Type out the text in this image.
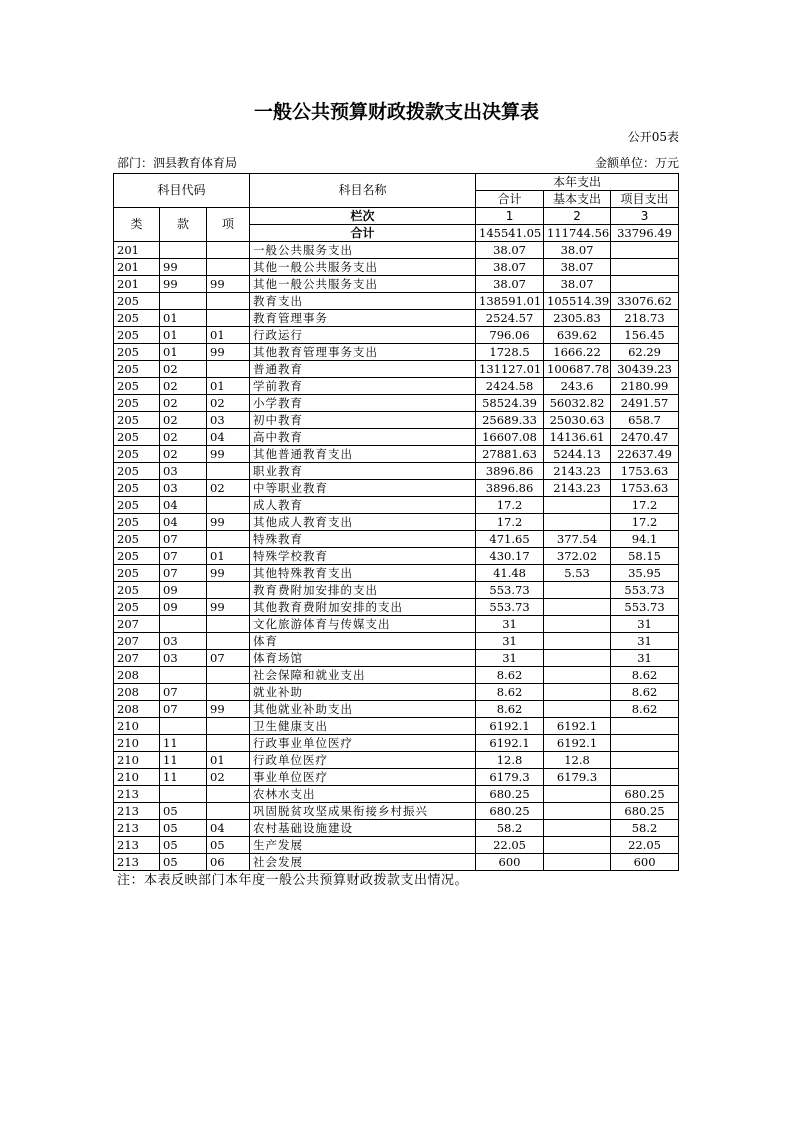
一般公共预算财政拨款支出决算表
公开05表
部门：泗县教育体育局	金额单位：万元
科目代码			科目名称	本年支出		
				合计	基本支出	项目支出
类	款	项	栏次	1	2	3
			合计	145541.05	111744.56	33796.49
201			一般公共服务支出	38.07	38.07	
201	99		其他一般公共服务支出	38.07	38.07	
201	99	99	其他一般公共服务支出	38.07	38.07	
205			教育支出	138591.01	105514.39	33076.62
205	01		教育管理事务	2524.57	2305.83	218.73
205	01	01	行政运行	796.06	639.62	156.45
205	01	99	其他教育管理事务支出	1728.5	1666.22	62.29
205	02		普通教育	131127.01	100687.78	30439.23
205	02	01	学前教育	2424.58	243.6	2180.99
205	02	02	小学教育	58524.39	56032.82	2491.57
205	02	03	初中教育	25689.33	25030.63	658.7
205	02	04	高中教育	16607.08	14136.61	2470.47
205	02	99	其他普通教育支出	27881.63	5244.13	22637.49
205	03		职业教育	3896.86	2143.23	1753.63
205	03	02	中等职业教育	3896.86	2143.23	1753.63
205	04		成人教育	17.2		17.2
205	04	99	其他成人教育支出	17.2		17.2
205	07		特殊教育	471.65	377.54	94.1
205	07	01	特殊学校教育	430.17	372.02	58.15
205	07	99	其他特殊教育支出	41.48	5.53	35.95
205	09		教育费附加安排的支出	553.73		553.73
205	09	99	其他教育费附加安排的支出	553.73		553.73
207			文化旅游体育与传媒支出	31		31
207	03		体育	31		31
207	03	07	体育场馆	31		31
208			社会保障和就业支出	8.62		8.62
208	07		就业补助	8.62		8.62
208	07	99	其他就业补助支出	8.62		8.62
210			卫生健康支出	6192.1	6192.1	
210	11		行政事业单位医疗	6192.1	6192.1	
210	11	01	行政单位医疗	12.8	12.8	
210	11	02	事业单位医疗	6179.3	6179.3	
213			农林水支出	680.25		680.25
213	05		巩固脱贫攻坚成果衔接乡村振兴	680.25		680.25
213	05	04	农村基础设施建设	58.2		58.2
213	05	05	生产发展	22.05		22.05
213	05	06	社会发展	600		600
注：本表反映部门本年度一般公共预算财政拨款支出情况。
